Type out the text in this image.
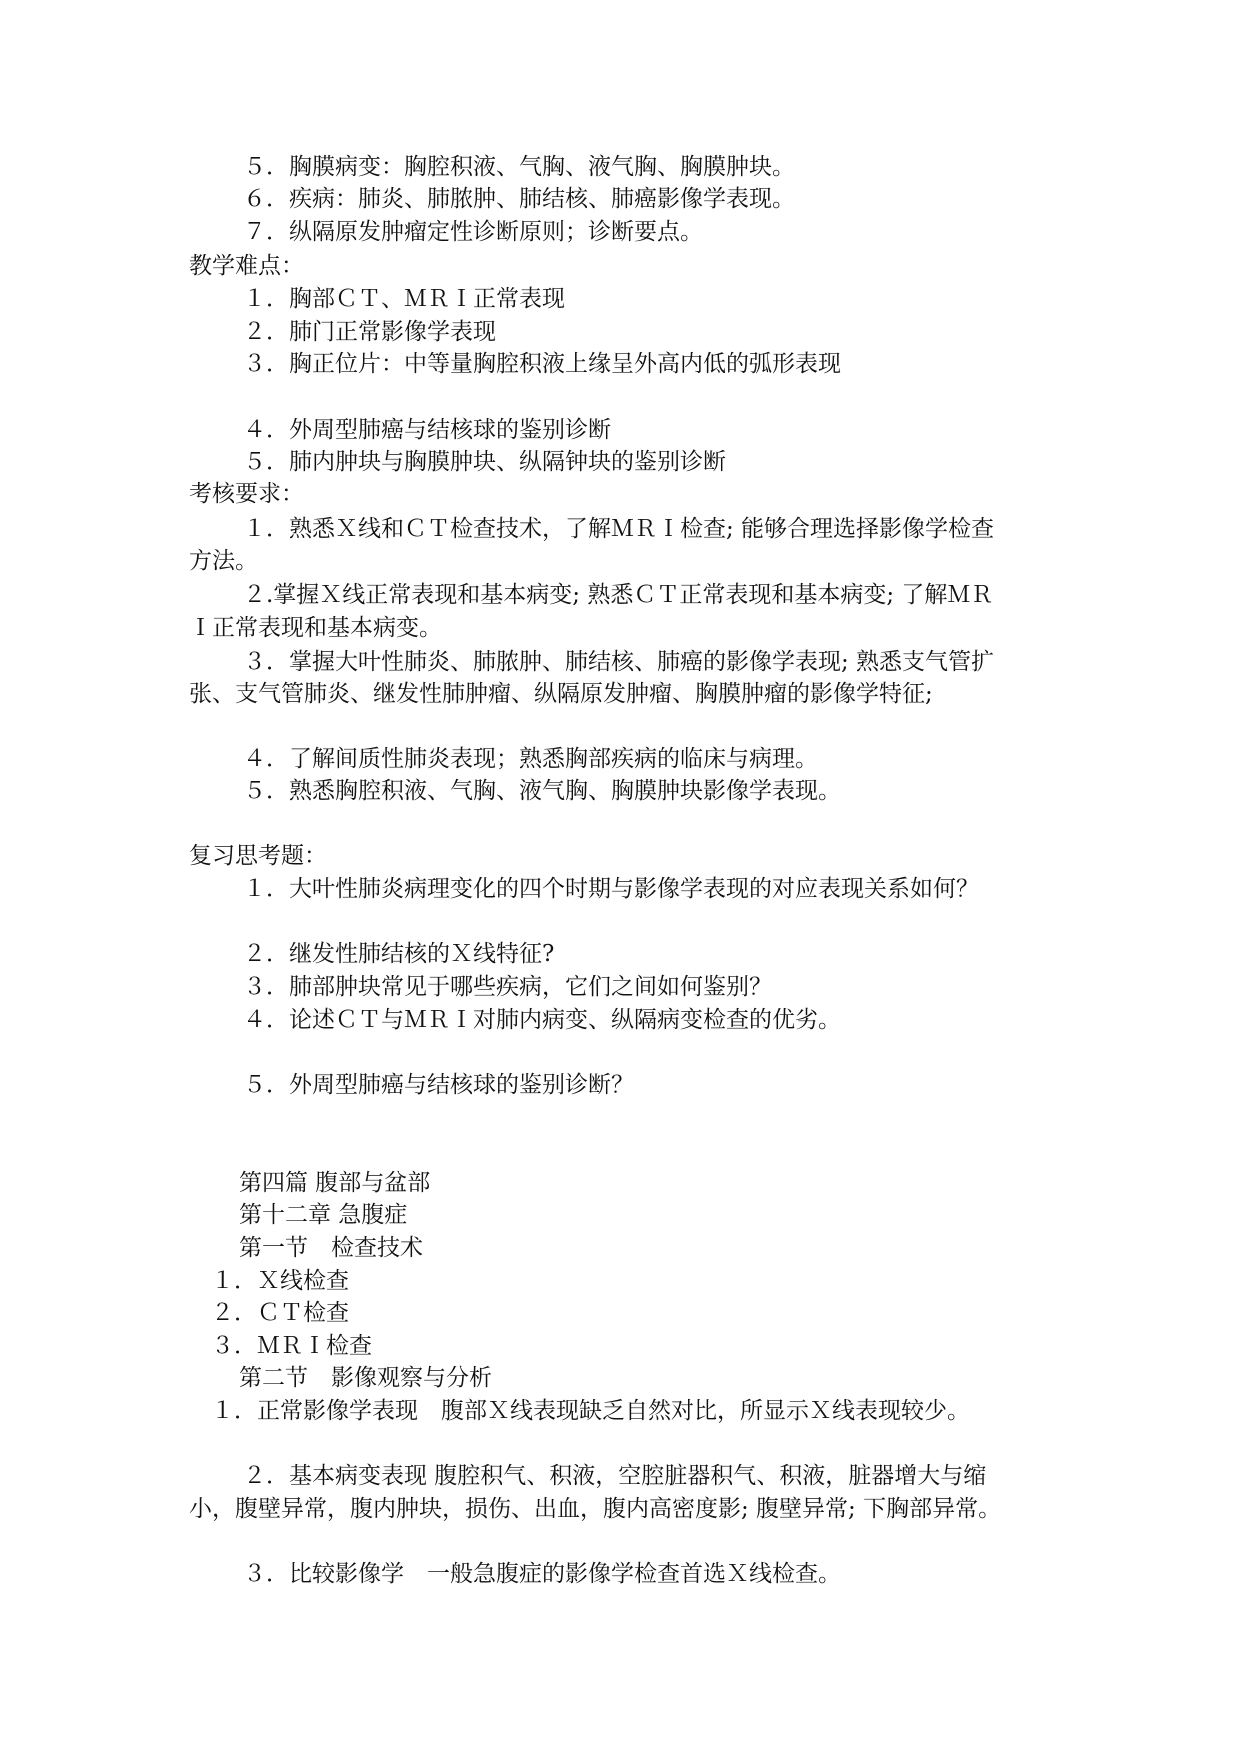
５．胸膜病变：胸腔积液、气胸、液气胸、胸膜肿块。
６．疾病：肺炎、肺脓肿、肺结核、肺癌影像学表现。
７．纵隔原发肿瘤定性诊断原则；诊断要点。
教学难点：
１．胸部ＣＴ、ＭＲＩ正常表现
２．肺门正常影像学表现
３．胸正位片：中等量胸腔积液上缘呈外高内低的弧形表现
４．外周型肺癌与结核球的鉴别诊断
５．肺内肿块与胸膜肿块、纵隔钟块的鉴别诊断
考核要求：
１．熟悉Ｘ线和ＣＴ检查技术，了解ＭＲＩ检查; 能够合理选择影像学检查
方法。
２.掌握Ｘ线正常表现和基本病变; 熟悉ＣＴ正常表现和基本病变; 了解ＭＲ
Ｉ正常表现和基本病变。
３．掌握大叶性肺炎、肺脓肿、肺结核、肺癌的影像学表现; 熟悉支气管扩
张、支气管肺炎、继发性肺肿瘤、纵隔原发肿瘤、胸膜肿瘤的影像学特征;
４．了解间质性肺炎表现；熟悉胸部疾病的临床与病理。
５．熟悉胸腔积液、气胸、液气胸、胸膜肿块影像学表现。
复习思考题：
１．大叶性肺炎病理变化的四个时期与影像学表现的对应表现关系如何？
２．继发性肺结核的Ｘ线特征?
３．肺部肿块常见于哪些疾病，它们之间如何鉴别？
４．论述ＣＴ与ＭＲＩ对肺内病变、纵隔病变检查的优劣。
５．外周型肺癌与结核球的鉴别诊断？
第四篇 腹部与盆部
第十二章 急腹症
第一节　检查技术
１．Ｘ线检查
２．ＣＴ检查
３．ＭＲＩ检查
第二节　影像观察与分析
１．正常影像学表现　腹部Ｘ线表现缺乏自然对比，所显示Ｘ线表现较少。
２．基本病变表现 腹腔积气、积液，空腔脏器积气、积液，脏器增大与缩
小，腹壁异常，腹内肿块，损伤、出血，腹内高密度影; 腹壁异常; 下胸部异常。
３．比较影像学　一般急腹症的影像学检查首选Ｘ线检查。
